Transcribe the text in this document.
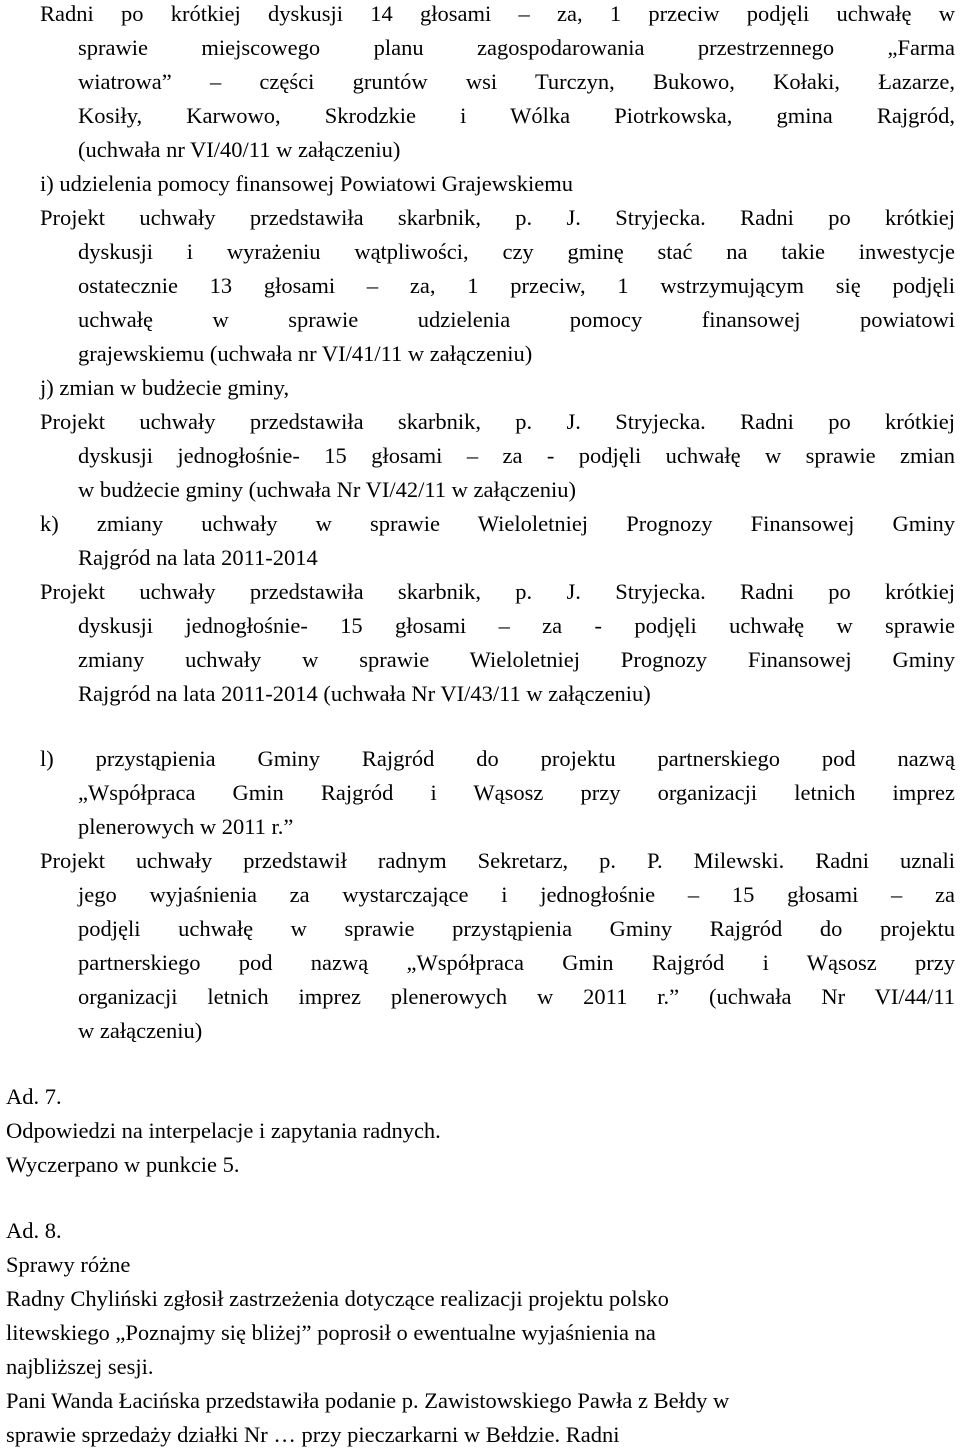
Radni po krótkiej dyskusji 14 głosami – za, 1 przeciw podjęli uchwałę w
sprawie miejscowego planu zagospodarowania przestrzennego „Farma
wiatrowa” – części gruntów wsi Turczyn, Bukowo, Kołaki, Łazarze,
Kosiły, Karwowo, Skrodzkie i Wólka Piotrkowska, gmina Rajgród,
(uchwała nr VI/40/11 w załączeniu)
i) udzielenia pomocy finansowej Powiatowi Grajewskiemu
Projekt uchwały przedstawiła skarbnik, p. J. Stryjecka. Radni po krótkiej
dyskusji i wyrażeniu wątpliwości, czy gminę stać na takie inwestycje
ostatecznie 13 głosami – za, 1 przeciw, 1 wstrzymującym się podjęli
uchwałę w sprawie udzielenia pomocy finansowej powiatowi
grajewskiemu (uchwała nr VI/41/11 w załączeniu)
j) zmian w budżecie gminy,
Projekt uchwały przedstawiła skarbnik, p. J. Stryjecka. Radni po krótkiej
dyskusji jednogłośnie- 15 głosami – za - podjęli uchwałę w sprawie zmian
w budżecie gminy (uchwała Nr VI/42/11 w załączeniu)
k) zmiany uchwały w sprawie Wieloletniej Prognozy Finansowej Gminy
Rajgród na lata 2011-2014
Projekt uchwały przedstawiła skarbnik, p. J. Stryjecka. Radni po krótkiej
dyskusji jednogłośnie- 15 głosami – za - podjęli uchwałę w sprawie
zmiany uchwały w sprawie Wieloletniej Prognozy Finansowej Gminy
Rajgród na lata 2011-2014 (uchwała Nr VI/43/11 w załączeniu)
l) przystąpienia Gminy Rajgród do projektu partnerskiego pod nazwą
„Współpraca Gmin Rajgród i Wąsosz przy organizacji letnich imprez
plenerowych w 2011 r.”
Projekt uchwały przedstawił radnym Sekretarz, p. P. Milewski. Radni uznali
jego wyjaśnienia za wystarczające i jednogłośnie – 15 głosami – za
podjęli uchwałę w sprawie przystąpienia Gminy Rajgród do projektu
partnerskiego pod nazwą „Współpraca Gmin Rajgród i Wąsosz przy
organizacji letnich imprez plenerowych w 2011 r.” (uchwała Nr VI/44/11
w załączeniu)
Ad. 7.
Odpowiedzi na interpelacje i zapytania radnych.
Wyczerpano w punkcie 5.
Ad. 8.
Sprawy różne
Radny Chyliński zgłosił zastrzeżenia dotyczące realizacji projektu polsko
litewskiego „Poznajmy się bliżej” poprosił o ewentualne wyjaśnienia na
najbliższej sesji.
Pani Wanda Łacińska przedstawiła podanie p. Zawistowskiego Pawła z Bełdy w
sprawie sprzedaży działki Nr … przy pieczarkarni w Bełdzie. Radni
